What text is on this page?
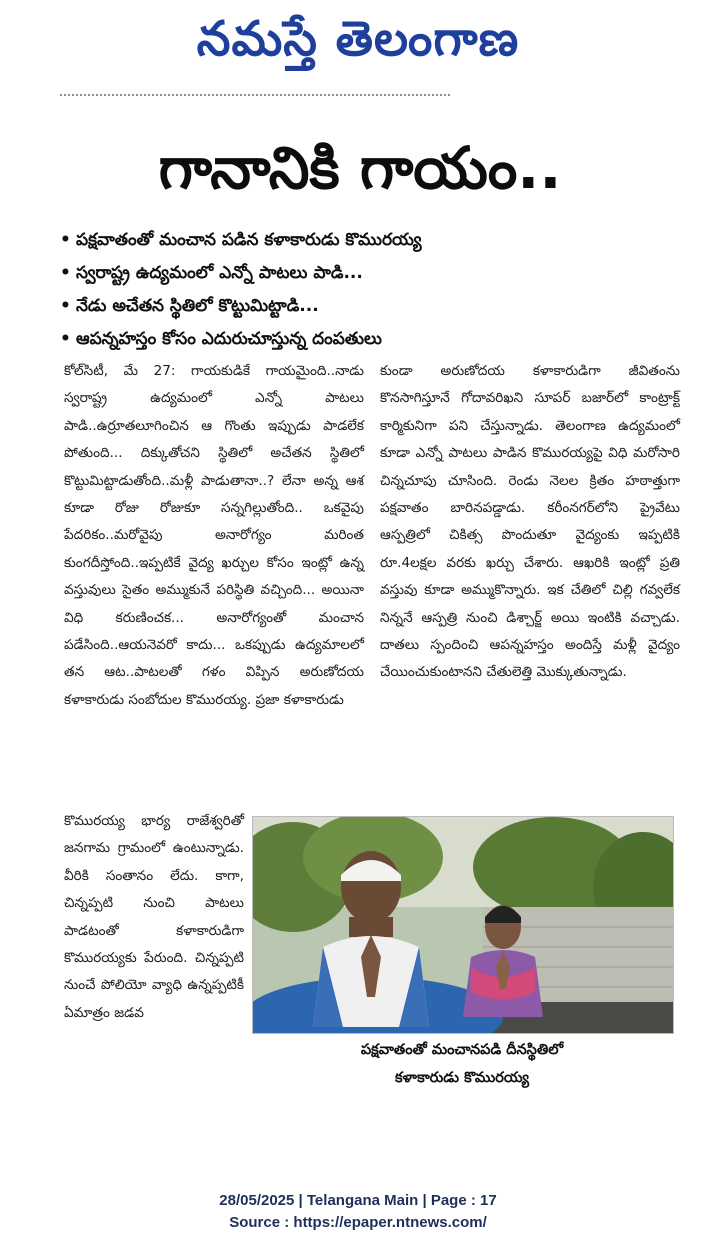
నమస్తే తెలంగాణ
గానానికి గాయం..
• పక్షవాతంతో మంచాన పడిన కళాకారుడు కొమురయ్య
• స్వరాష్ట్ర ఉద్యమంలో ఎన్నో పాటలు పాడి...
• నేడు అచేతన స్థితిలో కొట్టుమిట్టాడి...
• ఆపన్నహస్తం కోసం ఎదురుచూస్తున్న దంపతులు

కోల్‌సిటీ, మే 27: గాయకుడికే గాయమైంది..నాడు స్వరాష్ట్ర ఉద్యమంలో ఎన్నో పాటలు పాడి..ఉర్రూతలూగించిన ఆ గొంతు ఇప్పుడు పాడలేక పోతుంది... దిక్కుతోచని స్థితిలో అచేతన స్థితిలో కొట్టుమిట్టాడుతోంది..మళ్లీ పాడుతానా..? లేనా అన్న ఆశ కూడా రోజు రోజుకూ సన్నగిల్లుతోంది.. ఒకవైపు పేదరికం..మరోవైపు అనారోగ్యం మరింత కుంగదీస్తోంది..ఇప్పటికే వైద్య ఖర్చుల కోసం ఇంట్లో ఉన్న వస్తువులు సైతం అమ్ముకునే పరిస్థితి వచ్చింది... అయినా విధి కరుణించక... అనారోగ్యంతో మంచాన పడేసింది..ఆయనెవరో కాదు... ఒకప్పుడు ఉద్యమాలలో తన ఆట..పాటలతో గళం విప్పిన అరుణోదయ కళాకారుడు సంబోదుల కొమురయ్య. ప్రజా కళాకారుడు

కుండా అరుణోదయ కళాకారుడిగా జీవితంను కొనసాగిస్తూనే గోదావరిఖని సూపర్ బజార్‌లో కాంట్రాక్ట్ కార్మికునిగా పని చేస్తున్నాడు. తెలంగాణ ఉద్యమంలో కూడా ఎన్నో పాటలు పాడిన కొమురయ్యపై విధి మరోసారి చిన్నచూపు చూసింది. రెండు నెలల క్రితం హఠాత్తుగా పక్షవాతం బారినపడ్డాడు. కరీంనగర్‌లోని ప్రైవేటు ఆస్పత్రిలో చికిత్స పొందుతూ వైద్యంకు ఇప్పటికి రూ.4లక్షల వరకు ఖర్చు చేశారు. ఆఖరికి ఇంట్లో ప్రతి వస్తువు కూడా అమ్ముకొన్నారు. ఇక చేతిలో చిల్లి గవ్వలేక నిన్ననే ఆస్పత్రి నుంచి డిశ్చార్జ్ అయి ఇంటికి వచ్చాడు. దాతలు స్పందించి ఆపన్నహస్తం అందిస్తే మళ్లీ వైద్యం చేయించుకుంటానని చేతులెత్తి మొక్కుతున్నాడు.

కొమురయ్య భార్య రాజేశ్వరితో జనగామ గ్రామంలో ఉంటున్నాడు. వీరికి సంతానం లేదు. కాగా, చిన్నప్పటి నుంచి పాటలు పాడటంతో కళాకారుడిగా కొమురయ్యకు పేరుంది. చిన్నప్పటి నుంచే పోలియో వ్యాధి ఉన్నప్పటికీ ఏమాత్రం జడవ

పక్షవాతంతో మంచానపడి దీనస్థితిలో
కళాకారుడు కొమురయ్య
28/05/2025 | Telangana Main | Page : 17
Source : https://epaper.ntnews.com/
